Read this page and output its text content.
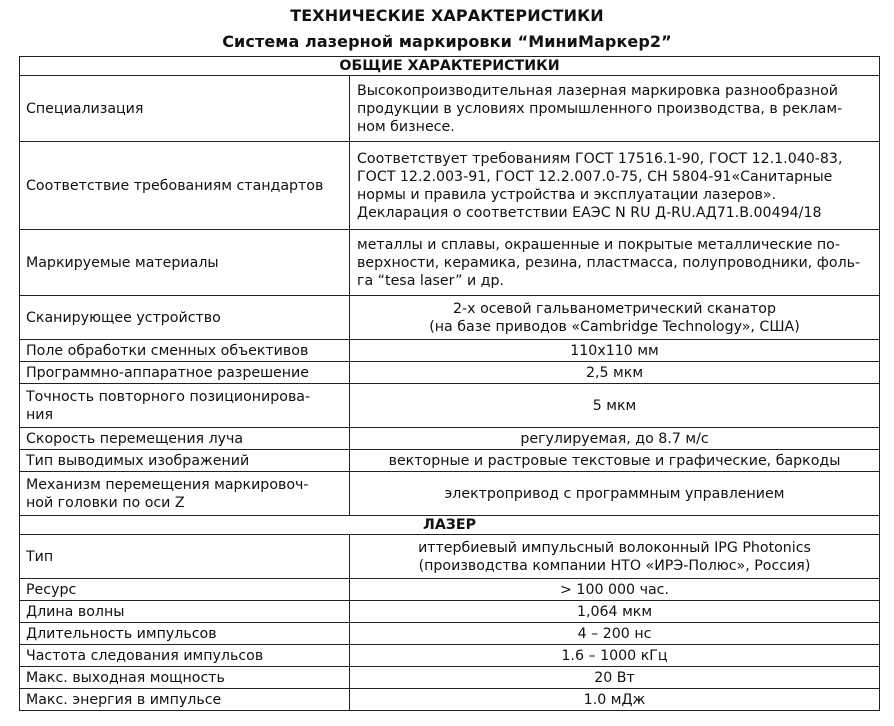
ТЕХНИЧЕСКИЕ ХАРАКТЕРИСТИКИ
Система лазерной маркировки “МиниМаркер2”
ОБЩИЕ ХАРАКТЕРИСТИКИ	
Специализация	Высокопроизводительная лазерная маркировка разнообразной
продукции в условиях промышленного производства, в реклам-
ном бизнесе.

Соответствие требованиям стандартов	Соответствует требованиям ГОСТ 17516.1-90, ГОСТ 12.1.040-83,
ГОСТ 12.2.003-91, ГОСТ 12.2.007.0-75, СН 5804-91«Санитарные
нормы и правила устройства и эксплуатации лазеров».
Декларация о соответствии ЕАЭС N RU Д-RU.АД71.В.00494/18

Маркируемые материалы	металлы и сплавы, окрашенные и покрытые металлические по-
верхности, керамика, резина, пластмасса, полупроводники, фоль-
га “tesa laser” и др.

Сканирующее устройство	2-х осевой гальванометрический сканатор
(на базе приводов «Cambridge Technology», США)

Поле обработки сменных объективов	110х110 мм
Программно-аппаратное разрешение	2,5 мкм

Точность повторного позиционирова-
ния	5 мкм
Скорость перемещения луча	регулируемая, до 8.7 м/с
Тип выводимых изображений	векторные и растровые текстовые и графические, баркоды

Механизм перемещения маркировоч-
ной головки по оси Z	электропривод с программным управлением
ЛАЗЕР	
Тип	иттербиевый импульсный волоконный IPG Photonics
(производства компании НТО «ИРЭ-Полюс», Россия)

Ресурс	> 100 000 час.
Длина волны	1,064 мкм
Длительность импульсов	4 – 200 нс
Частота следования импульсов	1.6 – 1000 кГц
Макс. выходная мощность	20 Вт
Макс. энергия в импульсе	1.0 мДж
